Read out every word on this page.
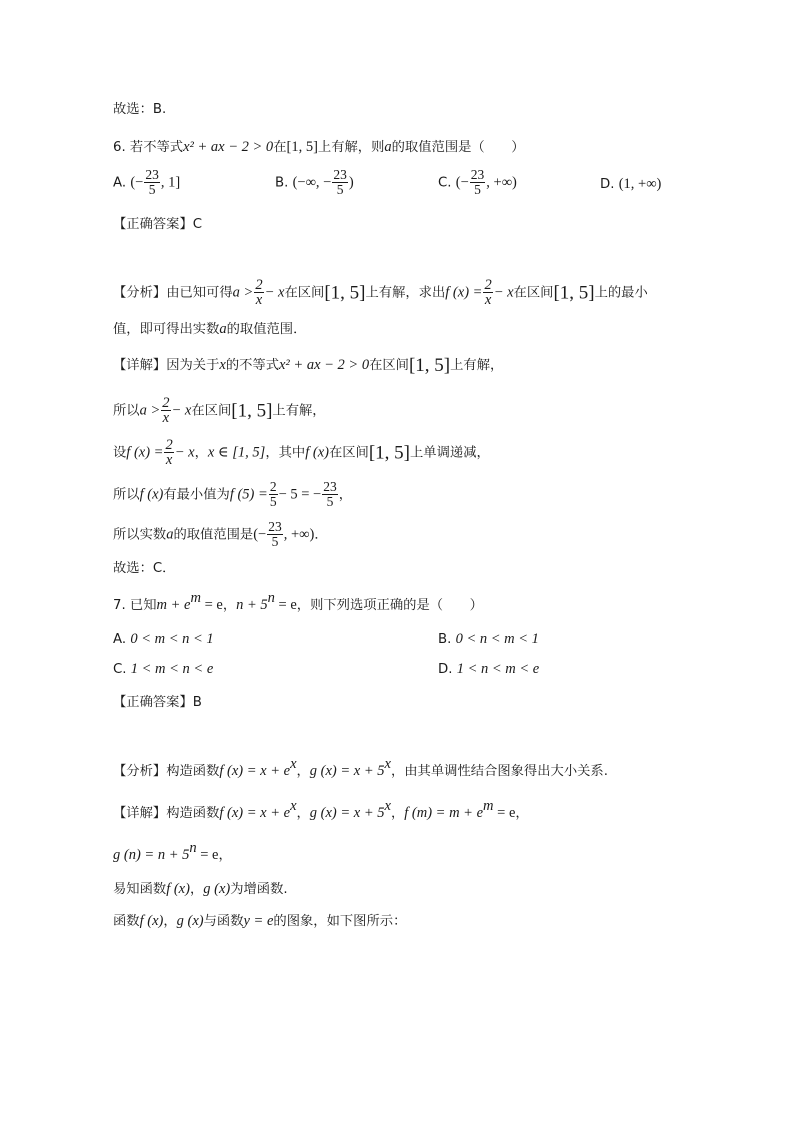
故选：B.
6. 若不等式x² + ax − 2 > 0在[1, 5]上有解，则a的取值范围是（　　）
A. (− $\frac{23}{5}$ , 1]	B. (−∞, − $\frac{23}{5}$ )	C. (− $\frac{23}{5}$ , +∞)	D. (1, +∞)
【正确答案】C
【分析】由已知可得$a > \frac{2}{x} - x$在区间[1, 5]上有解，求出f $(x) = \frac{2}{x} - x$在区间[1, 5]上的最小
值，即可得出实数a的取值范围．
【详解】因为关于x的不等式x² + ax − 2 > 0在区间[1, 5]上有解，
所以$a > \frac{2}{x} - x$在区间[1, 5]上有解，
设f $(x) = \frac{2}{x} - x$，x ∈ [1, 5]，其中f (x)在区间[1, 5]上单调递减，
所以f (x)有最小值为f $(5) = \frac{2}{5} - 5$ = − $\frac{23}{5}$ ，
所以实数a的取值范围是(− $\frac{23}{5}$ , +∞)．
故选：C．
7. 已知$m + e^m = e$，$n + 5^n = e$，则下列选项正确的是（　　）
A. 0 < m < n < 1	B. 0 < n < m < 1
C. 1 < m < n < e	D. 1 < n < m < e
【正确答案】B
【分析】构造函数f $(x) = x + e^x$，g $(x) = x + 5^x$，由其单调性结合图象得出大小关系.
【详解】构造函数f $(x) = x + e^x$，g $(x) = x + 5^x$，f $(m) = m + e^m = e$，
g $(n) = n + 5^n = e$，
易知函数f (x)，g (x)为增函数.
函数f (x)，g (x)与函数y = e的图象，如下图所示：
